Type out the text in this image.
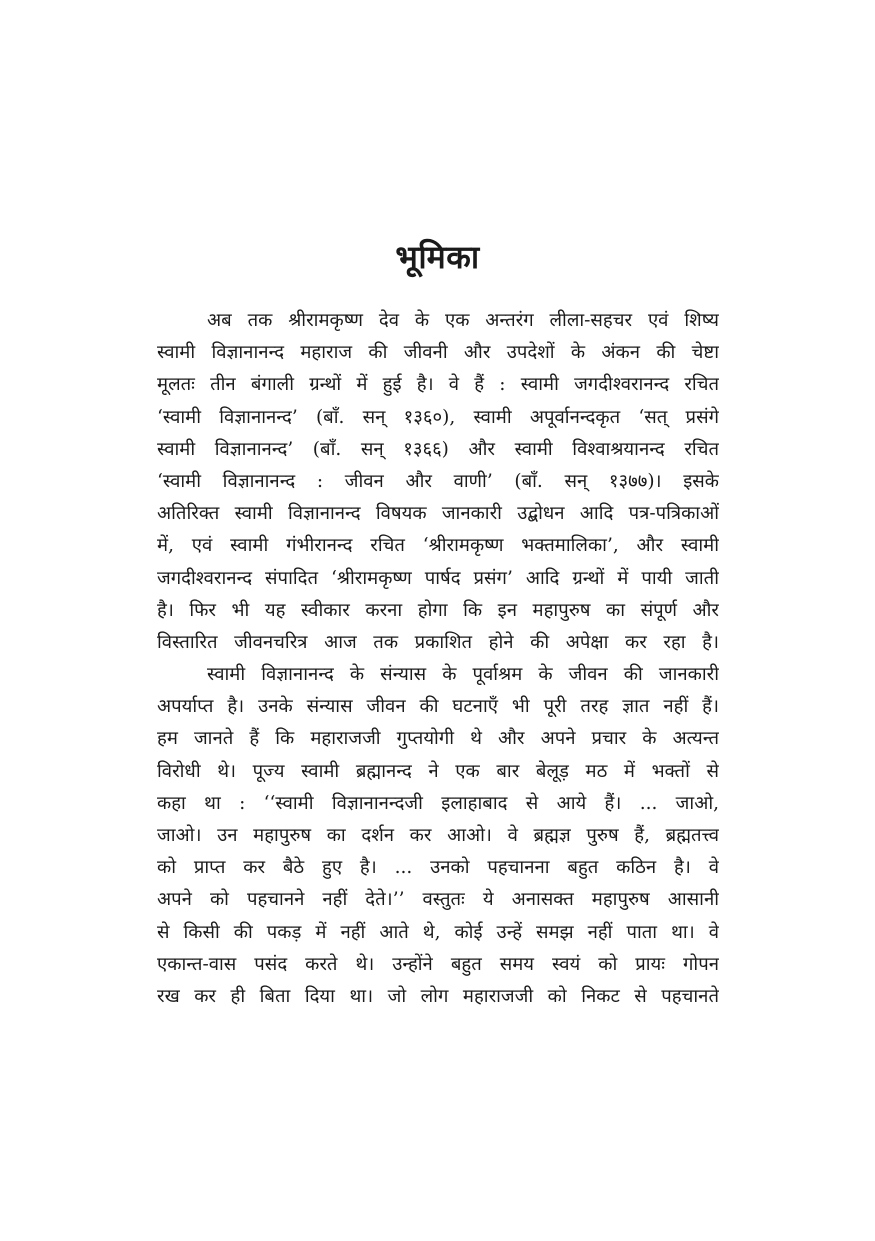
भूमिका
अब तक श्रीरामकृष्ण देव के एक अन्तरंग लीला-सहचर एवं शिष्य
स्वामी विज्ञानानन्द महाराज की जीवनी और उपदेशों के अंकन की चेष्टा
मूलतः तीन बंगाली ग्रन्थों में हुई है। वे हैं : स्वामी जगदीश्वरानन्द रचित
‘स्वामी विज्ञानानन्द’ (बाँ. सन् १३६०), स्वामी अपूर्वानन्दकृत ‘सत् प्रसंगे
स्वामी विज्ञानानन्द’ (बाँ. सन् १३६६) और स्वामी विश्वाश्रयानन्द रचित
‘स्वामी विज्ञानानन्द : जीवन और वाणी’ (बाँ. सन् १३७७)। इसके
अतिरिक्त स्वामी विज्ञानानन्द विषयक जानकारी उद्बोधन आदि पत्र-पत्रिकाओं
में, एवं स्वामी गंभीरानन्द रचित ‘श्रीरामकृष्ण भक्तमालिका’, और स्वामी
जगदीश्वरानन्द संपादित ‘श्रीरामकृष्ण पार्षद प्रसंग’ आदि ग्रन्थों में पायी जाती
है। फिर भी यह स्वीकार करना होगा कि इन महापुरुष का संपूर्ण और
विस्तारित जीवनचरित्र आज तक प्रकाशित होने की अपेक्षा कर रहा है।
स्वामी विज्ञानानन्द के संन्यास के पूर्वाश्रम के जीवन की जानकारी
अपर्याप्त है। उनके संन्यास जीवन की घटनाएँ भी पूरी तरह ज्ञात नहीं हैं।
हम जानते हैं कि महाराजजी गुप्तयोगी थे और अपने प्रचार के अत्यन्त
विरोधी थे। पूज्य स्वामी ब्रह्मानन्द ने एक बार बेलूड़ मठ में भक्तों से
कहा था : ‘‘स्वामी विज्ञानानन्दजी इलाहाबाद से आये हैं। ... जाओ,
जाओ। उन महापुरुष का दर्शन कर आओ। वे ब्रह्मज्ञ पुरुष हैं, ब्रह्मतत्त्व
को प्राप्त कर बैठे हुए है। ... उनको पहचानना बहुत कठिन है। वे
अपने को पहचानने नहीं देते।’’ वस्तुतः ये अनासक्त महापुरुष आसानी
से किसी की पकड़ में नहीं आते थे, कोई उन्हें समझ नहीं पाता था। वे
एकान्त-वास पसंद करते थे। उन्होंने बहुत समय स्वयं को प्रायः गोपन
रख कर ही बिता दिया था। जो लोग महाराजजी को निकट से पहचानते
